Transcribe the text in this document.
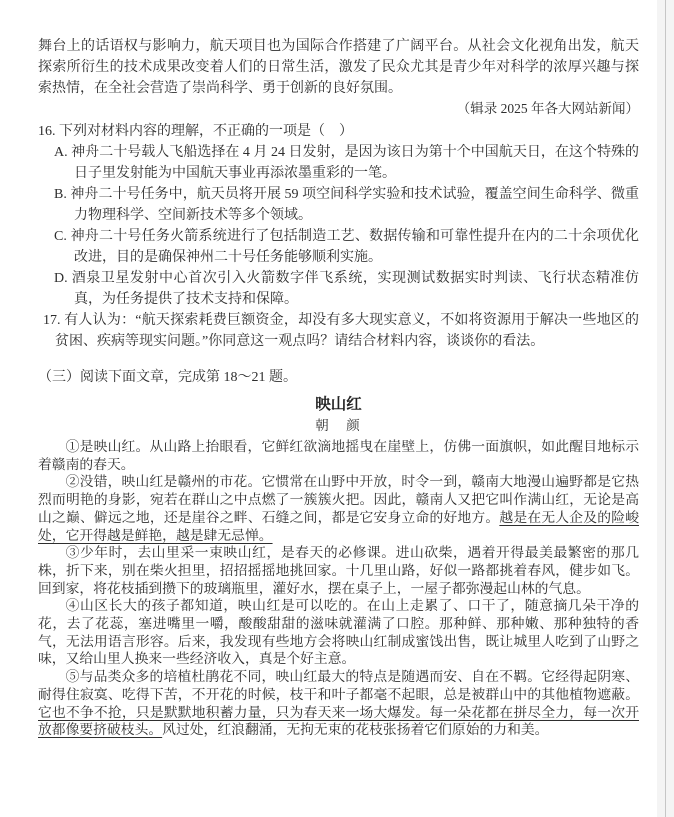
舞台上的话语权与影响力，航天项目也为国际合作搭建了广阔平台。从社会文化视角出发，航天探索所衍生的技术成果改变着人们的日常生活，激发了民众尤其是青少年对科学的浓厚兴趣与探索热情，在全社会营造了崇尚科学、勇于创新的良好氛围。

（辑录 2025 年各大网站新闻）

16. 下列对材料内容的理解，不正确的一项是（　）

A. 神舟二十号载人飞船选择在 4 月 24 日发射，是因为该日为第十个中国航天日，在这个特殊的日子里发射能为中国航天事业再添浓墨重彩的一笔。

B. 神舟二十号任务中，航天员将开展 59 项空间科学实验和技术试验，覆盖空间生命科学、微重力物理科学、空间新技术等多个领域。

C. 神舟二十号任务火箭系统进行了包括制造工艺、数据传输和可靠性提升在内的二十余项优化改进，目的是确保神州二十号任务能够顺利实施。

D. 酒泉卫星发射中心首次引入火箭数字伴飞系统，实现测试数据实时判读、飞行状态精准仿真，为任务提供了技术支持和保障。

17. 有人认为：“航天探索耗费巨额资金，却没有多大现实意义，不如将资源用于解决一些地区的贫困、疾病等现实问题。”你同意这一观点吗？请结合材料内容，谈谈你的看法。

（三）阅读下面文章，完成第 18～21 题。

映山红

朝　颜

①是映山红。从山路上抬眼看，它鲜红欲滴地摇曳在崖壁上，仿佛一面旗帜，如此醒目地标示着赣南的春天。

②没错，映山红是赣州的市花。它惯常在山野中开放，时令一到，赣南大地漫山遍野都是它热烈而明艳的身影，宛若在群山之中点燃了一簇簇火把。因此，赣南人又把它叫作满山红，无论是高山之巅、僻远之地，还是崖谷之畔、石缝之间，都是它安身立命的好地方。越是在无人企及的险峻处，它开得越是鲜艳，越是肆无忌惮。

③少年时，去山里采一束映山红，是春天的必修课。进山砍柴，遇着开得最美最繁密的那几株，折下来，别在柴火担里，招招摇摇地挑回家。十几里山路，好似一路都挑着春风，健步如飞。回到家，将花枝插到攒下的玻璃瓶里，灌好水，摆在桌子上，一屋子都弥漫起山林的气息。

④山区长大的孩子都知道，映山红是可以吃的。在山上走累了、口干了，随意摘几朵干净的花，去了花蕊，塞进嘴里一嚼，酸酸甜甜的滋味就灌满了口腔。那种鲜、那种嫩、那种独特的香气，无法用语言形容。后来，我发现有些地方会将映山红制成蜜饯出售，既让城里人吃到了山野之味，又给山里人换来一些经济收入，真是个好主意。

⑤与品类众多的培植杜鹃花不同，映山红最大的特点是随遇而安、自在不羁。它经得起阴寒、耐得住寂寞、吃得下苦，不开花的时候，枝干和叶子都毫不起眼，总是被群山中的其他植物遮蔽。它也不争不抢，只是默默地积蓄力量，只为春天来一场大爆发。每一朵花都在拼尽全力，每一次开放都像要挤破枝头。风过处，红浪翻涌，无拘无束的花枝张扬着它们原始的力和美。
